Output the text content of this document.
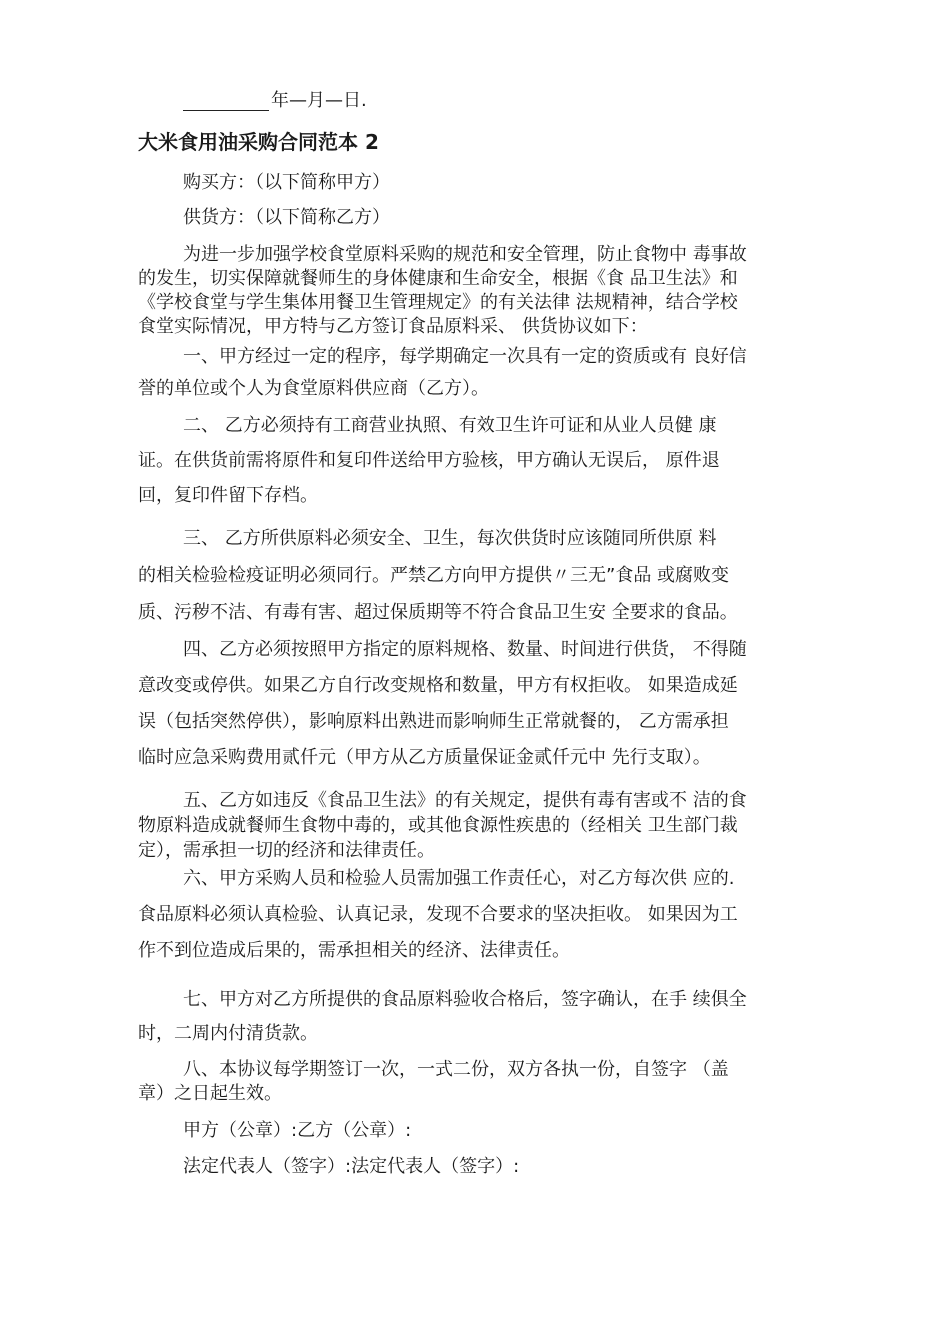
年—月—日.
大米食用油采购合同范本 2
购买方：（以下简称甲方）
供货方：（以下简称乙方）
为进一步加强学校食堂原料采购的规范和安全管理，防止食物中 毒事故
的发生，切实保障就餐师生的身体健康和生命安全，根据《食 品卫生法》和
《学校食堂与学生集体用餐卫生管理规定》的有关法律 法规精神，结合学校
食堂实际情况，甲方特与乙方签订食品原料采、 供货协议如下：
一、甲方经过一定的程序，每学期确定一次具有一定的资质或有 良好信
誉的单位或个人为食堂原料供应商（乙方）。
二、 乙方必须持有工商营业执照、有效卫生许可证和从业人员健 康
证。在供货前需将原件和复印件送给甲方验核，甲方确认无误后， 原件退
回，复印件留下存档。
三、 乙方所供原料必须安全、卫生，每次供货时应该随同所供原 料
的相关检验检疫证明必须同行。严禁乙方向甲方提供〃三无”食品 或腐败变
质、污秽不洁、有毒有害、超过保质期等不符合食品卫生安 全要求的食品。
四、乙方必须按照甲方指定的原料规格、数量、时间进行供货， 不得随
意改变或停供。如果乙方自行改变规格和数量，甲方有权拒收。 如果造成延
误（包括突然停供），影响原料出熟进而影响师生正常就餐的， 乙方需承担
临时应急采购费用贰仟元（甲方从乙方质量保证金贰仟元中 先行支取）。
五、乙方如违反《食品卫生法》的有关规定，提供有毒有害或不 洁的食
物原料造成就餐师生食物中毒的，或其他食源性疾患的（经相关 卫生部门裁
定），需承担一切的经济和法律责任。
六、甲方采购人员和检验人员需加强工作责任心，对乙方每次供 应的.
食品原料必须认真检验、认真记录，发现不合要求的坚决拒收。 如果因为工
作不到位造成后果的，需承担相关的经济、法律责任。
七、甲方对乙方所提供的食品原料验收合格后，签字确认，在手 续俱全
时，二周内付清货款。
八、本协议每学期签订一次，一式二份，双方各执一份，自签字 （盖
章）之日起生效。
甲方（公章）:乙方（公章）:
法定代表人（签字）:法定代表人（签字）:
